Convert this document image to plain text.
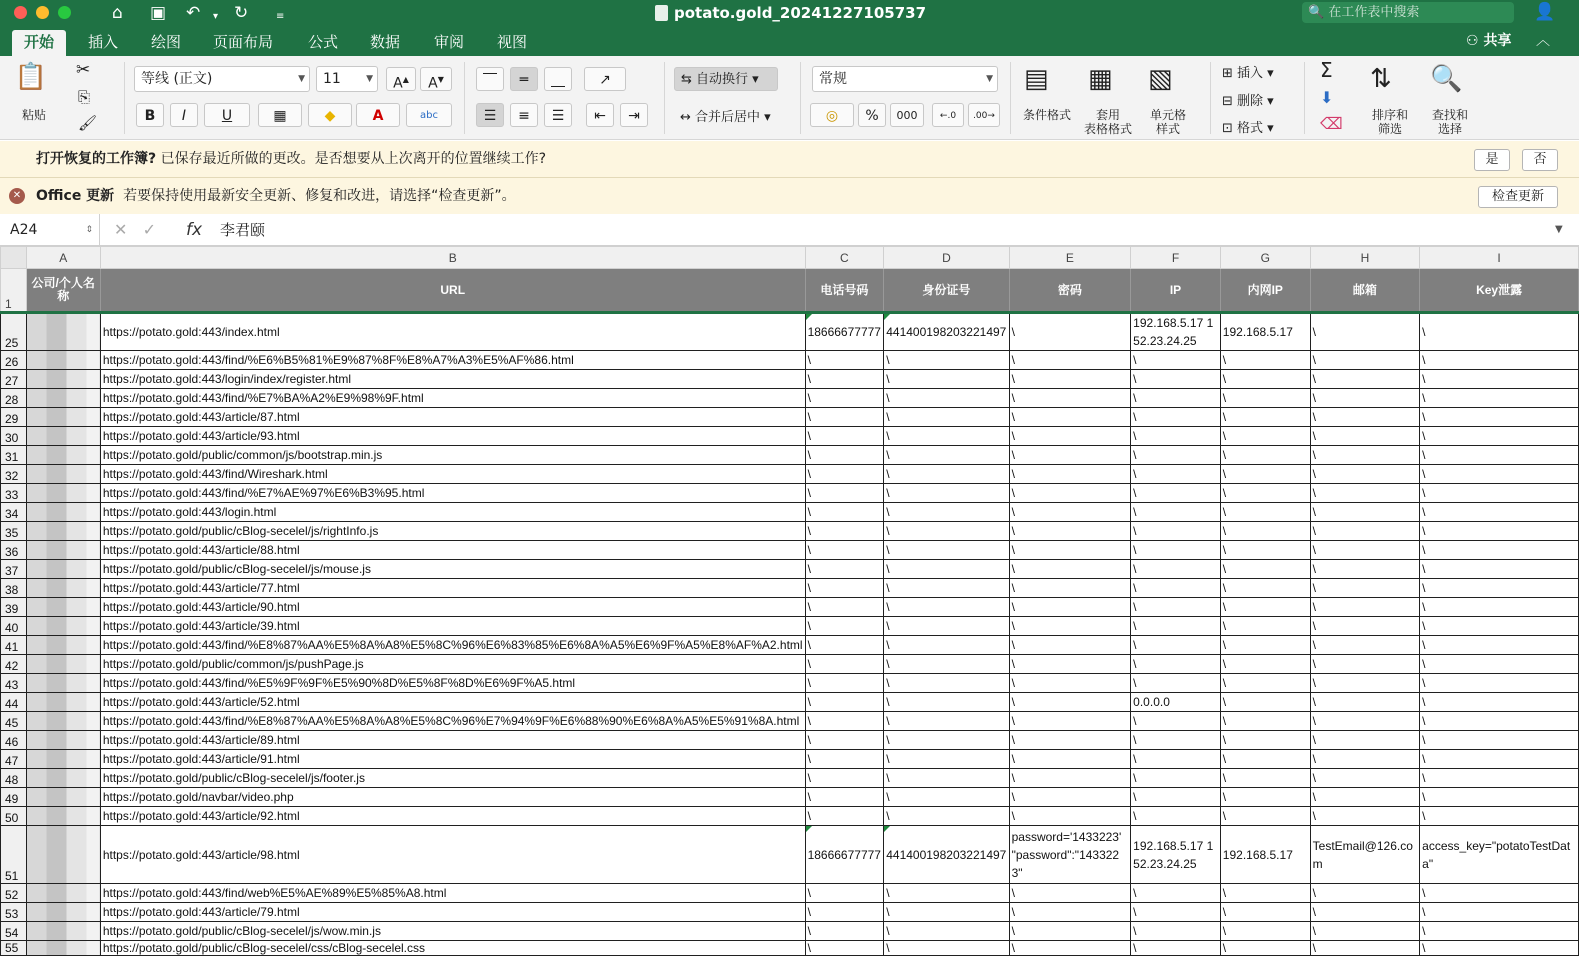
⌂ ▣ ↶ ▾ ↻	≡	potato.gold_20241227105737	🔍 在工作表中搜索	👤
开始	插入	绘图	页面布局	公式	数据	审阅	视图	⚇ 共享 ︿
📋
粘贴
✂
⎘
🖌
等线 (正文)	▼	11	▼	A▲	A▼
B	I	U	▦	◆	A	abc
⎺	═	⎽	↗
☰	≡	☰	⇤	⇥
⇆ 自动换行 ▾
↔ 合并后居中 ▾
常规	▼
◎	%	000	←.0	.00→
▤
条件格式
▦
套用
表格格式
▧
单元格
样式
⊞ 插入 ▾
⊟ 删除 ▾
⊡ 格式 ▾
Σ
⬇
⌫
⇅
排序和
筛选
🔍
查找和
选择
打开恢复的工作簿? 已保存最近所做的更改。是否想要从上次离开的位置继续工作?	是	否
✕ Office 更新 若要保持使用最新安全更新、修复和改进，请选择“检查更新”。	检查更新
A24	⇕ ✕ ✓ fx 李君颐	▼
	A	B	C	D	E	F	G	H	I
1	公司/个人名称	URL	电话号码	身份证号	密码	IP	内网IP	邮箱	Key泄露
25		https://potato.gold:443/index.html	18666677777	441400198203221497	\	192.168.5.17 152.23.24.25	192.168.5.17	\	\
26		https://potato.gold:443/find/%E6%B5%81%E9%87%8F%E8%A7%A3%E5%AF%86.html	\	\	\	\	\	\	\
27		https://potato.gold:443/login/index/register.html	\	\	\	\	\	\	\
28		https://potato.gold:443/find/%E7%BA%A2%E9%98%9F.html	\	\	\	\	\	\	\
29		https://potato.gold:443/article/87.html	\	\	\	\	\	\	\
30		https://potato.gold:443/article/93.html	\	\	\	\	\	\	\
31		https://potato.gold/public/common/js/bootstrap.min.js	\	\	\	\	\	\	\
32		https://potato.gold:443/find/Wireshark.html	\	\	\	\	\	\	\
33		https://potato.gold:443/find/%E7%AE%97%E6%B3%95.html	\	\	\	\	\	\	\
34		https://potato.gold:443/login.html	\	\	\	\	\	\	\
35		https://potato.gold/public/cBlog-secelel/js/rightInfo.js	\	\	\	\	\	\	\
36		https://potato.gold:443/article/88.html	\	\	\	\	\	\	\
37		https://potato.gold/public/cBlog-secelel/js/mouse.js	\	\	\	\	\	\	\
38		https://potato.gold:443/article/77.html	\	\	\	\	\	\	\
39		https://potato.gold:443/article/90.html	\	\	\	\	\	\	\
40		https://potato.gold:443/article/39.html	\	\	\	\	\	\	\
41		https://potato.gold:443/find/%E8%87%AA%E5%8A%A8%E5%8C%96%E6%83%85%E6%8A%A5%E6%9F%A5%E8%AF%A2.html	\	\	\	\	\	\	\
42		https://potato.gold/public/common/js/pushPage.js	\	\	\	\	\	\	\
43		https://potato.gold:443/find/%E5%9F%9F%E5%90%8D%E5%8F%8D%E6%9F%A5.html	\	\	\	\	\	\	\
44		https://potato.gold:443/article/52.html	\	\	\	0.0.0.0	\	\	\
45		https://potato.gold:443/find/%E8%87%AA%E5%8A%A8%E5%8C%96%E7%94%9F%E6%88%90%E6%8A%A5%E5%91%8A.html	\	\	\	\	\	\	\
46		https://potato.gold:443/article/89.html	\	\	\	\	\	\	\
47		https://potato.gold:443/article/91.html	\	\	\	\	\	\	\
48		https://potato.gold/public/cBlog-secelel/js/footer.js	\	\	\	\	\	\	\
49		https://potato.gold/navbar/video.php	\	\	\	\	\	\	\
50		https://potato.gold:443/article/92.html	\	\	\	\	\	\	\
51		https://potato.gold:443/article/98.html	18666677777	441400198203221497	password='1433223' "password":"1433223"	192.168.5.17 152.23.24.25	192.168.5.17	TestEmail@126.com	access_key="potatoTestData"
52		https://potato.gold:443/find/web%E5%AE%89%E5%85%A8.html	\	\	\	\	\	\	\
53		https://potato.gold:443/article/79.html	\	\	\	\	\	\	\
54		https://potato.gold/public/cBlog-secelel/js/wow.min.js	\	\	\	\	\	\	\
55		https://potato.gold/public/cBlog-secelel/css/cBlog-secelel.css	\	\	\	\	\	\	\
